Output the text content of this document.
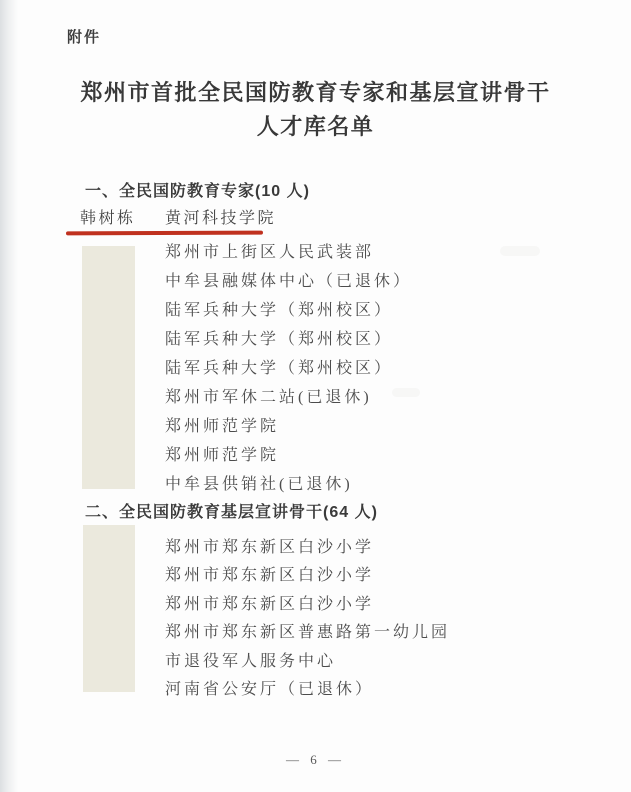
附件
郑州市首批全民国防教育专家和基层宣讲骨干
人才库名单
一、全民国防教育专家(10 人)
韩树栋 黄河科技学院
郑州市上街区人民武装部
中牟县融媒体中心（已退休）
陆军兵种大学（郑州校区）
陆军兵种大学（郑州校区）
陆军兵种大学（郑州校区）
郑州市军休二站(已退休)
郑州师范学院
郑州师范学院
中牟县供销社(已退休)
二、全民国防教育基层宣讲骨干(64 人)
郑州市郑东新区白沙小学
郑州市郑东新区白沙小学
郑州市郑东新区白沙小学
郑州市郑东新区普惠路第一幼儿园
市退役军人服务中心
河南省公安厅（已退休）
— 6 —
